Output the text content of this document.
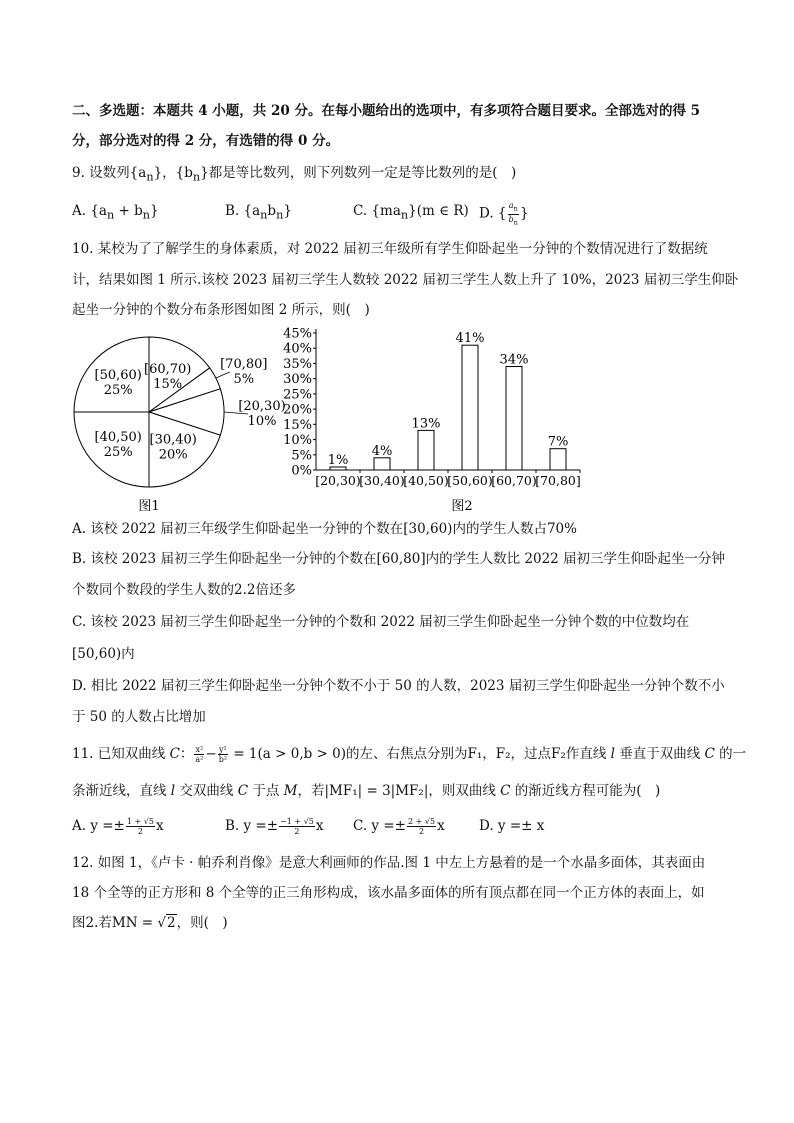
二、多选题：本题共 4 小题，共 20 分。在每小题给出的选项中，有多项符合题目要求。全部选对的得 5
分，部分选对的得 2 分，有选错的得 0 分。
9. 设数列$\{a_n\}$，$\{b_n\}$都是等比数列，则下列数列一定是等比数列的是(　)
A. $\{a_n + b_n\}$	B. $\{a_nb_n\}$	C. $\{ma_n\}(m$ ∈ R) D. { $\frac{a_n}{b_n}$ }
10. 某校为了了解学生的身体素质，对 2022 届初三年级所有学生仰卧起坐一分钟的个数情况进行了数据统
计，结果如图 1 所示.该校 2023 届初三学生人数较 2022 届初三学生人数上升了 10%，2023 届初三学生仰卧
起坐一分钟的个数分布条形图如图 2 所示，则(　)
[60,70)
15%
[70,80]
5%
[20,30)
10%
[30,40)
20%
[40,50)
25%
[50,60)
25%
图1
0%
5%
10%
15%
20%
25%
30%
35%
40%
45%
1%
4%
13%
41%
34%
7%
[20,30)
[30,40)
[40,50)
[50,60)
[60,70)
[70,80]
图2
A. 该校 2022 届初三年级学生仰卧起坐一分钟的个数在[30,60)内的学生人数占70%
B. 该校 2023 届初三学生仰卧起坐一分钟的个数在[60,80]内的学生人数比 2022 届初三学生仰卧起坐一分钟
个数同个数段的学生人数的2.2倍还多
C. 该校 2023 届初三学生仰卧起坐一分钟的个数和 2022 届初三学生仰卧起坐一分钟个数的中位数均在
[50,60)内
D. 相比 2022 届初三学生仰卧起坐一分钟个数不小于 50 的人数，2023 届初三学生仰卧起坐一分钟个数不小
于 50 的人数占比增加
11. 已知双曲线 C： $\frac{\text{x²}}{\text{a²}} - \frac{\text{y²}}{\text{b²}} = 1(a > 0,b > 0)$的左、右焦点分别为F₁，F₂，过点F₂作直线 l 垂直于双曲线 C 的一
条渐近线，直线 l 交双曲线 C 于点 M，若|MF₁| = 3|MF₂|，则双曲线 C 的渐近线方程可能为(　)
A. $y =\pm \frac{1 + √5}{2}$ x	B. $y =\pm \frac{-1 + √5}{2}$ x C. $y =\pm \frac{2 + √5}{2}$ x	D. y =± x
12. 如图 1，《卢卡 · 帕乔利肖像》是意大利画师的作品.图 1 中左上方悬着的是一个水晶多面体，其表面由
18 个全等的正方形和 8 个全等的正三角形构成，该水晶多面体的所有顶点都在同一个正方体的表面上，如
图2.若MN = √2，则(　)
